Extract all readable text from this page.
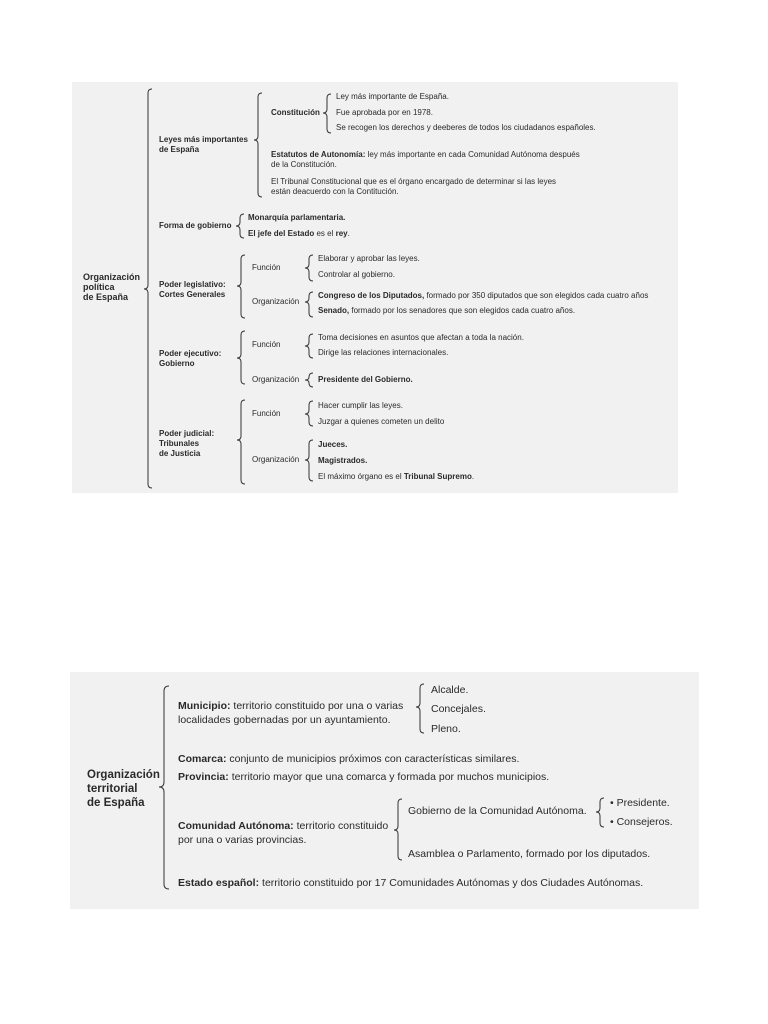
Organización
política
de España
Leyes más importantes
de España
Constitución
Ley más importante de España.
Fue aprobada por en 1978.
Se recogen los derechos y deeberes de todos los ciudadanos españoles.
Estatutos de Autonomía: ley más importante en cada Comunidad Autónoma después
de la Constitución.
El Tribunal Constitucional que es el órgano encargado de determinar si las leyes
están deacuerdo con la Contitución.
Forma de gobierno
Monarquía parlamentaria.
El jefe del Estado es el rey.
Poder legislativo:
Cortes Generales
Función
Elaborar y aprobar las leyes.
Controlar al gobierno.
Organización
Congreso de los Diputados, formado por 350 diputados que son elegidos cada cuatro años
Senado, formado por los senadores que son elegidos cada cuatro años.
Poder ejecutivo:
Gobierno
Función
Toma decisiones en asuntos que afectan a toda la nación.
Dirige las relaciones internacionales.
Organización Presidente del Gobierno.
Poder judicial:
Tribunales
de Justicia
Función
Hacer cumplir las leyes.
Juzgar a quienes cometen un delito
Organización
Jueces.
Magistrados.
El máximo órgano es el Tribunal Supremo.
Organización
territorial
de España
Municipio: territorio constituido por una o varias
localidades gobernadas por un ayuntamiento.
Alcalde.
Concejales.
Pleno.
Comarca: conjunto de municipios próximos con características similares.
Provincia: territorio mayor que una comarca y formada por muchos municipios.
Comunidad Autónoma: territorio constituido
por una o varias provincias.
Gobierno de la Comunidad Autónoma.
• Presidente.
• Consejeros.
Asamblea o Parlamento, formado por los diputados.
Estado español: territorio constituido por 17 Comunidades Autónomas y dos Ciudades Autónomas.
